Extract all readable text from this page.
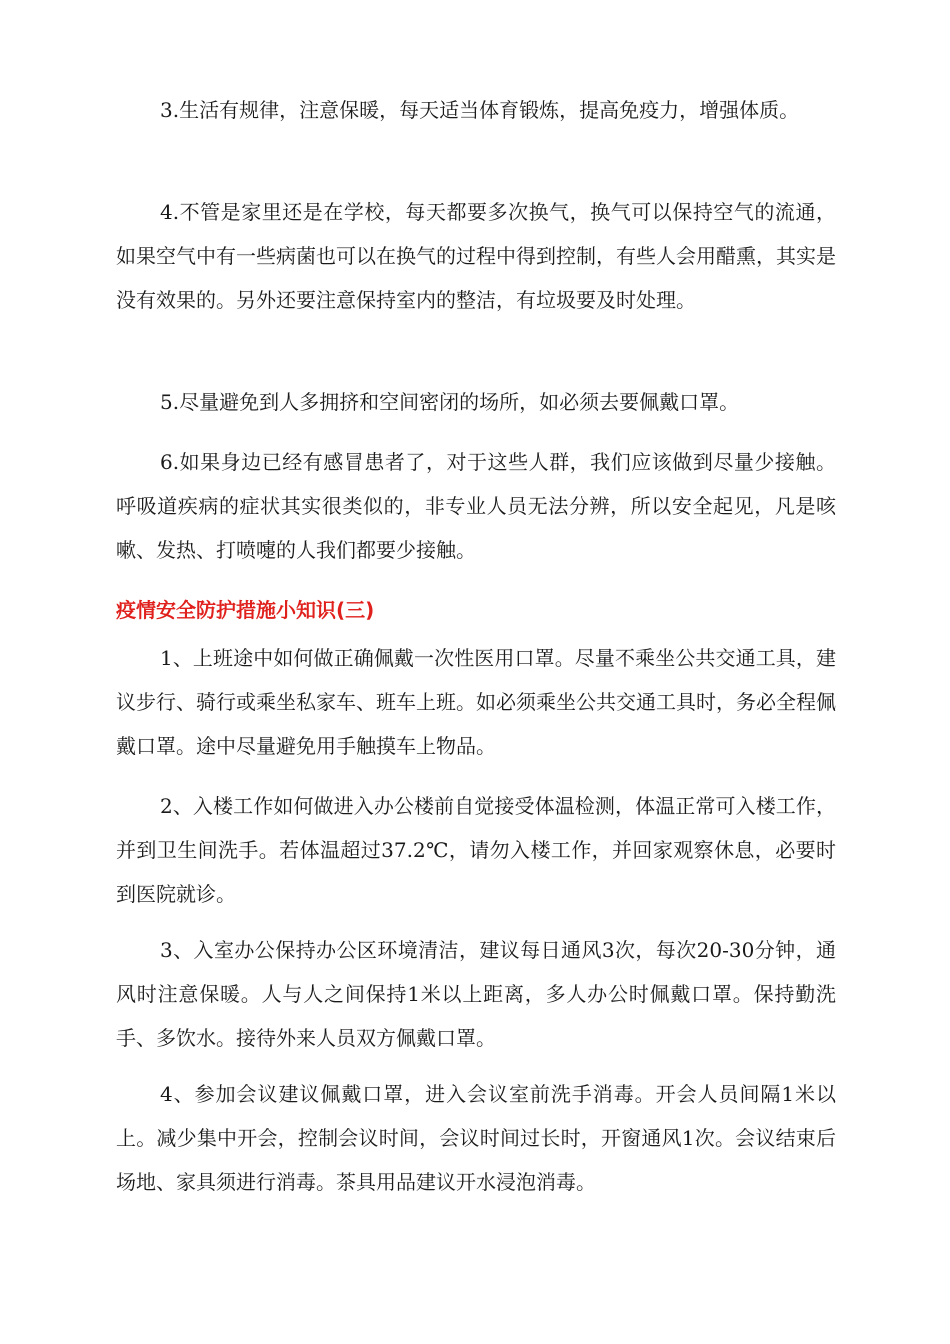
3.生活有规律，注意保暖，每天适当体育锻炼，提高免疫力，增强体质。

4.不管是家里还是在学校，每天都要多次换气，换气可以保持空气的流通，如果空气中有一些病菌也可以在换气的过程中得到控制，有些人会用醋熏，其实是没有效果的。另外还要注意保持室内的整洁，有垃圾要及时处理。

5.尽量避免到人多拥挤和空间密闭的场所，如必须去要佩戴口罩。

6.如果身边已经有感冒患者了，对于这些人群，我们应该做到尽量少接触。呼吸道疾病的症状其实很类似的，非专业人员无法分辨，所以安全起见，凡是咳嗽、发热、打喷嚏的人我们都要少接触。

疫情安全防护措施小知识(三)

1、上班途中如何做正确佩戴一次性医用口罩。尽量不乘坐公共交通工具，建议步行、骑行或乘坐私家车、班车上班。如必须乘坐公共交通工具时，务必全程佩戴口罩。途中尽量避免用手触摸车上物品。

2、入楼工作如何做进入办公楼前自觉接受体温检测，体温正常可入楼工作，并到卫生间洗手。若体温超过37.2℃，请勿入楼工作，并回家观察休息，必要时到医院就诊。

3、入室办公保持办公区环境清洁，建议每日通风3次，每次20-30分钟，通风时注意保暖。人与人之间保持1米以上距离，多人办公时佩戴口罩。保持勤洗手、多饮水。接待外来人员双方佩戴口罩。

4、参加会议建议佩戴口罩，进入会议室前洗手消毒。开会人员间隔1米以上。减少集中开会，控制会议时间，会议时间过长时，开窗通风1次。会议结束后场地、家具须进行消毒。茶具用品建议开水浸泡消毒。
